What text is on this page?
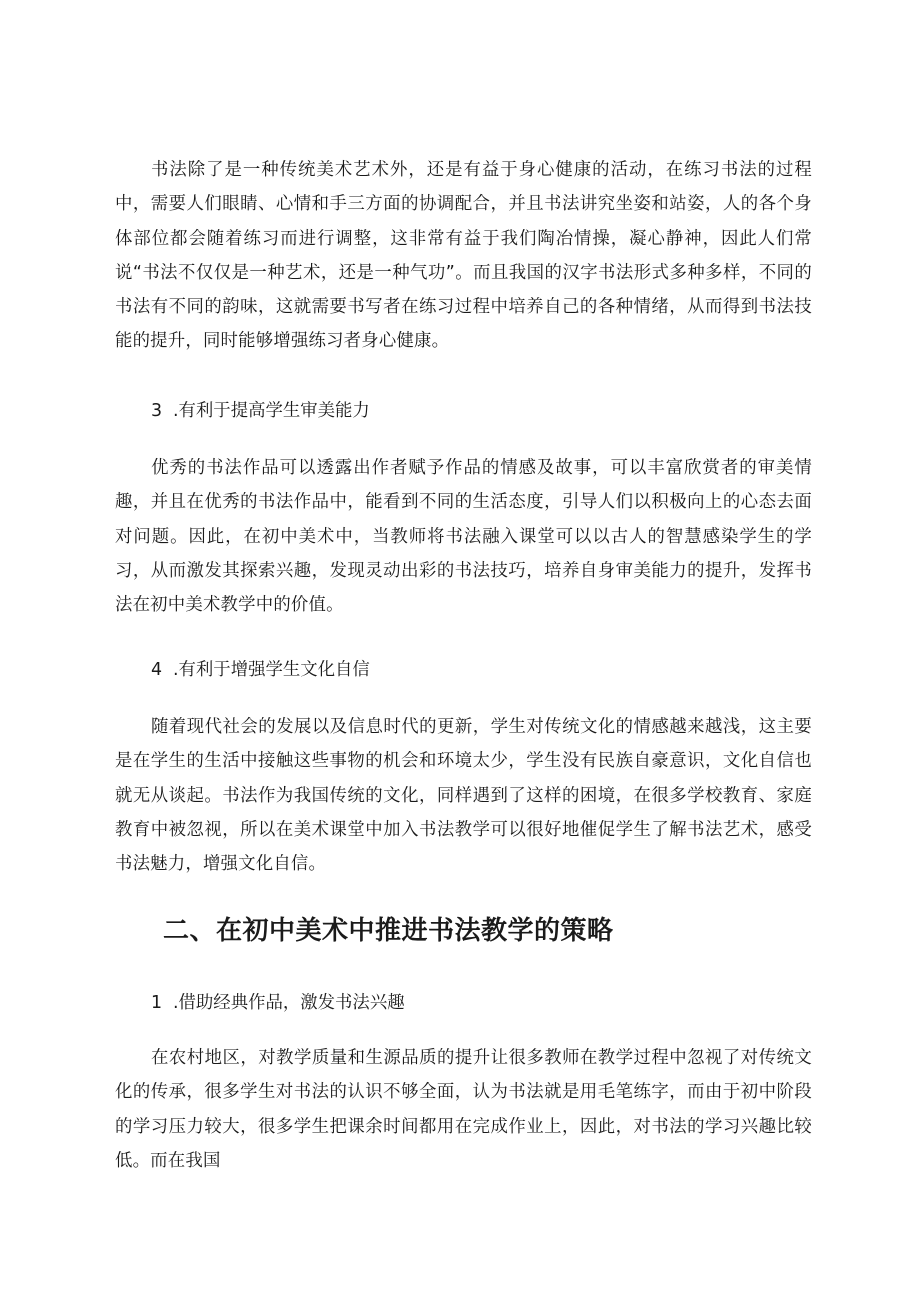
书法除了是一种传统美术艺术外，还是有益于身心健康的活动，在练习书法的过程中，需要人们眼睛、心情和手三方面的协调配合，并且书法讲究坐姿和站姿，人的各个身体部位都会随着练习而进行调整，这非常有益于我们陶冶情操，凝心静神，因此人们常说“书法不仅仅是一种艺术，还是一种气功”。而且我国的汉字书法形式多种多样，不同的书法有不同的韵味，这就需要书写者在练习过程中培养自己的各种情绪，从而得到书法技能的提升，同时能够增强练习者身心健康。

3 .有利于提高学生审美能力

优秀的书法作品可以透露出作者赋予作品的情感及故事，可以丰富欣赏者的审美情趣，并且在优秀的书法作品中，能看到不同的生活态度，引导人们以积极向上的心态去面对问题。因此，在初中美术中，当教师将书法融入课堂可以以古人的智慧感染学生的学习，从而激发其探索兴趣，发现灵动出彩的书法技巧，培养自身审美能力的提升，发挥书法在初中美术教学中的价值。

4 .有利于增强学生文化自信

随着现代社会的发展以及信息时代的更新，学生对传统文化的情感越来越浅，这主要是在学生的生活中接触这些事物的机会和环境太少，学生没有民族自豪意识，文化自信也就无从谈起。书法作为我国传统的文化，同样遇到了这样的困境，在很多学校教育、家庭教育中被忽视，所以在美术课堂中加入书法教学可以很好地催促学生了解书法艺术，感受书法魅力，增强文化自信。

二、在初中美术中推进书法教学的策略
1 .借助经典作品，激发书法兴趣

在农村地区，对教学质量和生源品质的提升让很多教师在教学过程中忽视了对传统文化的传承，很多学生对书法的认识不够全面，认为书法就是用毛笔练字，而由于初中阶段的学习压力较大，很多学生把课余时间都用在完成作业上，因此，对书法的学习兴趣比较低。而在我国
